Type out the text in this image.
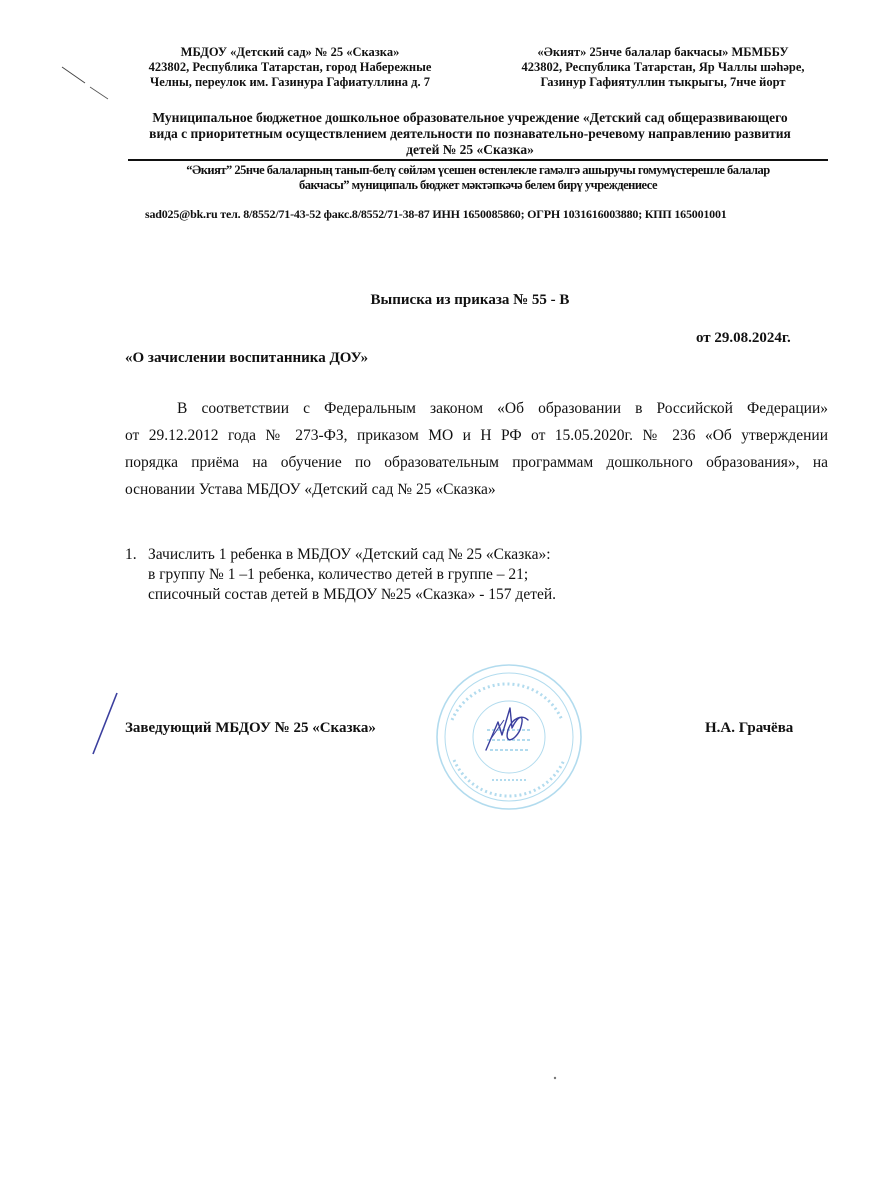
МБДОУ «Детский сад» № 25 «Сказка»
423802, Республика Татарстан, город Набережные
Челны, переулок им. Газинура Гафиатуллина д. 7
«Әкият» 25нче балалар бакчасы» МБМББУ
423802, Республика Татарстан, Яр Чаллы шәһәре,
Газинур Гафиятуллин тыкрыгы, 7нче йорт
Муниципальное бюджетное дошкольное образовательное учреждение «Детский сад общеразвивающего
вида с приоритетным осуществлением деятельности по познавательно-речевому направлению развития
детей № 25 «Сказка»
“Әкият” 25нче балаларның танып-белү сөйләм үсешен өстенлекле гамәлгә ашыручы гомумүстерешле балалар
бакчасы” муниципаль бюджет мәктәпкәчә белем бирү учреждениесе
sad025@bk.ru тел. 8/8552/71-43-52 факс.8/8552/71-38-87 ИНН 1650085860; ОГРН 1031616003880; КПП 165001001
Выписка из приказа № 55 - В
от 29.08.2024г.
«О зачислении воспитанника ДОУ»
В соответствии с Федеральным законом «Об образовании в Российской Федерации»
от 29.12.2012 года № 273-ФЗ, приказом МО и Н РФ от 15.05.2020г. № 236 «Об утверждении
порядка приёма на обучение по образовательным программам дошкольного образования», на
основании Устава МБДОУ «Детский сад № 25 «Сказка»
1. Зачислить 1 ребенка в МБДОУ «Детский сад № 25 «Сказка»:
в группу № 1 –1 ребенка, количество детей в группе – 21;
списочный состав детей в МБДОУ №25 «Сказка» - 157 детей.
Заведующий МБДОУ № 25 «Сказка»	Н.А. Грачёва
